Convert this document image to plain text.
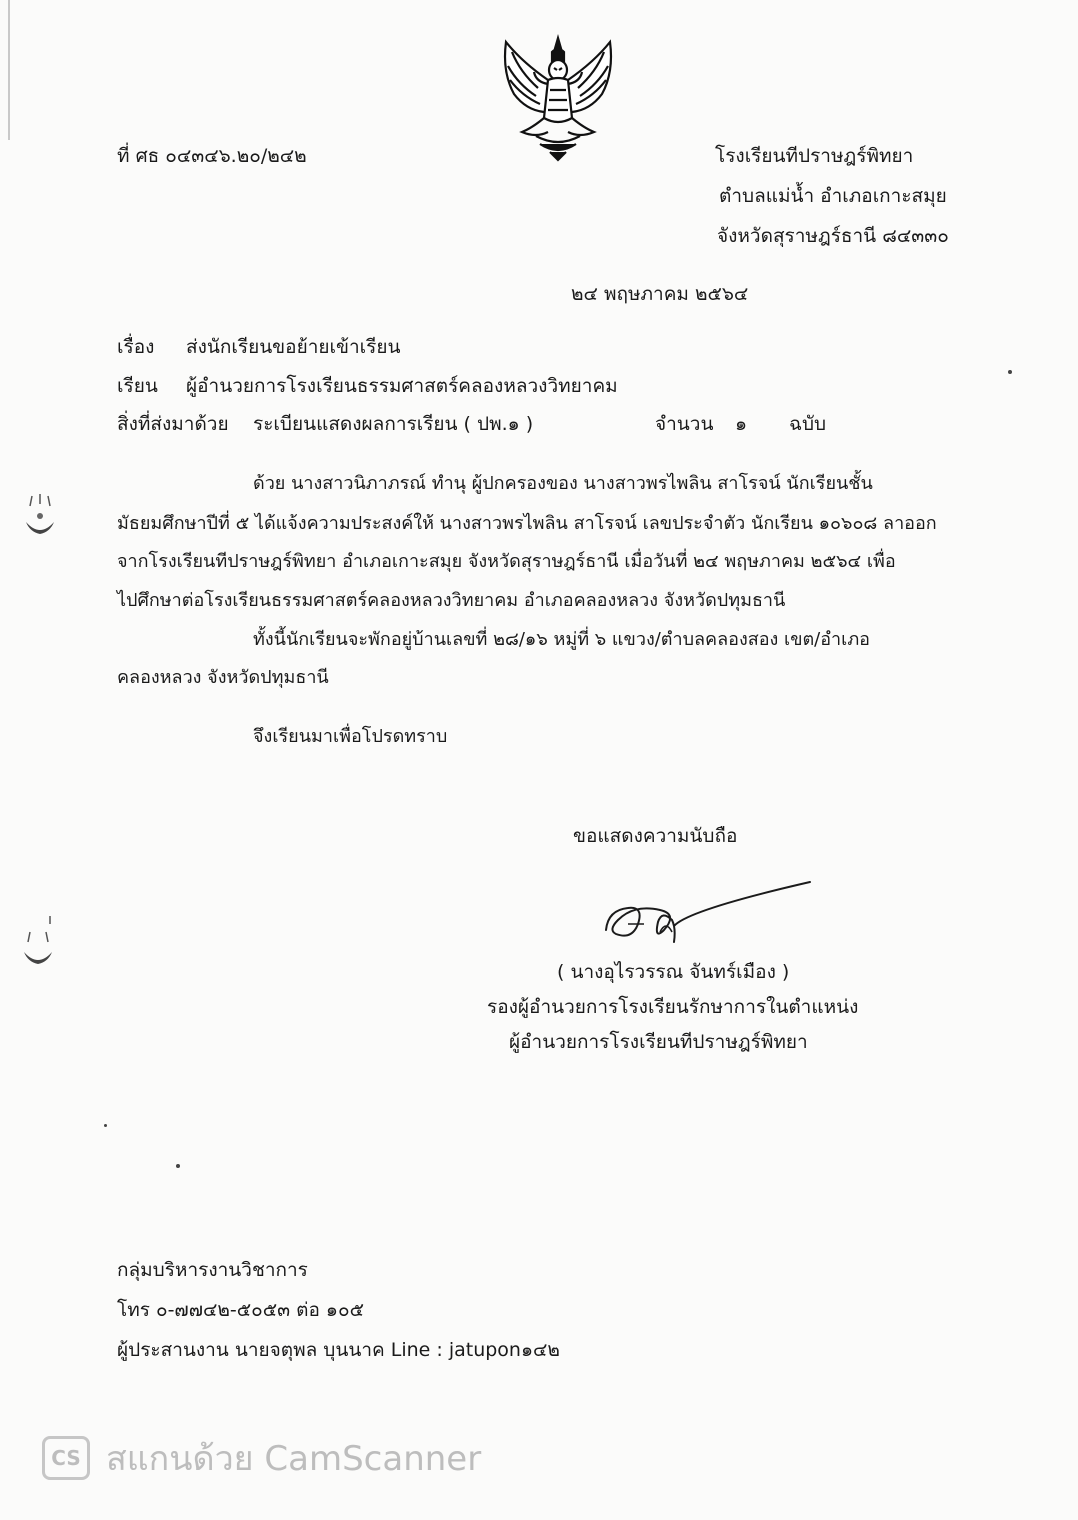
ที่ ศธ ๐๔๓๔๖.๒๐/๒๔๒	โรงเรียนทีปราษฎร์พิทยา
ตำบลแม่น้ำ อำเภอเกาะสมุย
จังหวัดสุราษฎร์ธานี ๘๔๓๓๐
๒๔ พฤษภาคม ๒๕๖๔
เรื่อง ส่งนักเรียนขอย้ายเข้าเรียน
เรียน ผู้อำนวยการโรงเรียนธรรมศาสตร์คลองหลวงวิทยาคม
สิ่งที่ส่งมาด้วย ระเบียนแสดงผลการเรียน ( ปพ.๑ )	จำนวน ๑ ฉบับ
ด้วย นางสาวนิภาภรณ์ ทำนุ ผู้ปกครองของ นางสาวพรไพลิน สาโรจน์ นักเรียนชั้น
มัธยมศึกษาปีที่ ๕ ได้แจ้งความประสงค์ให้ นางสาวพรไพลิน สาโรจน์ เลขประจำตัว นักเรียน ๑๐๖๐๘ ลาออก
จากโรงเรียนทีปราษฎร์พิทยา อำเภอเกาะสมุย จังหวัดสุราษฎร์ธานี เมื่อวันที่ ๒๔ พฤษภาคม ๒๕๖๔ เพื่อ
ไปศึกษาต่อโรงเรียนธรรมศาสตร์คลองหลวงวิทยาคม อำเภอคลองหลวง จังหวัดปทุมธานี
ทั้งนี้นักเรียนจะพักอยู่บ้านเลขที่ ๒๘/๑๖ หมู่ที่ ๖ แขวง/ตำบลคลองสอง เขต/อำเภอ
คลองหลวง จังหวัดปทุมธานี
จึงเรียนมาเพื่อโปรดทราบ
ขอแสดงความนับถือ
( นางอุไรวรรณ จันทร์เมือง )
รองผู้อำนวยการโรงเรียนรักษาการในตำแหน่ง
ผู้อำนวยการโรงเรียนทีปราษฎร์พิทยา
กลุ่มบริหารงานวิชาการ
โทร ๐-๗๗๔๒-๕๐๕๓ ต่อ ๑๐๕
ผู้ประสานงาน นายจตุพล บุนนาค Line : jatupon๑๔๒
CS สแกนด้วย CamScanner
